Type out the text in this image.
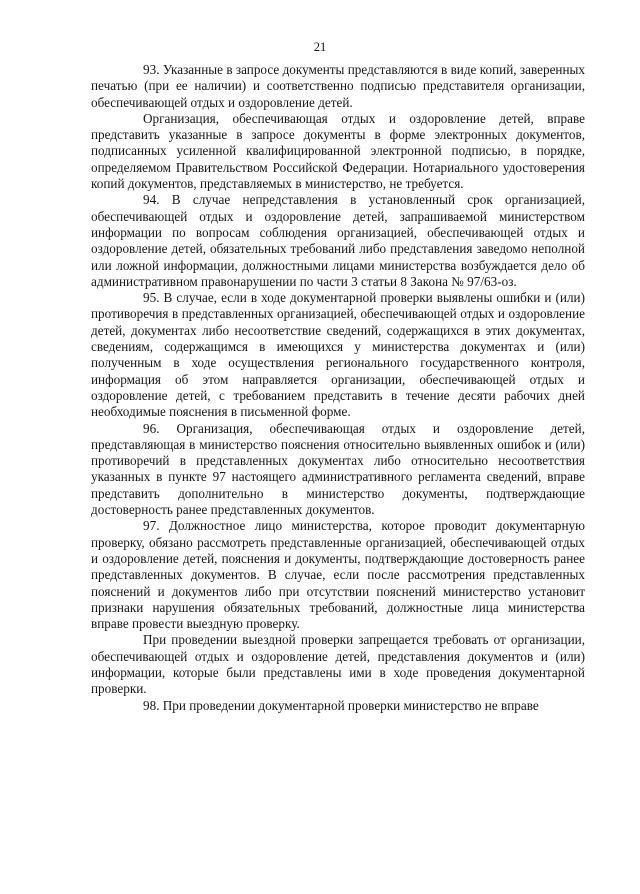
21

93. Указанные в запросе документы представляются в виде копий, заверенных печатью (при ее наличии) и соответственно подписью представителя организации, обеспечивающей отдых и оздоровление детей.

Организация, обеспечивающая отдых и оздоровление детей, вправе представить указанные в запросе документы в форме электронных документов, подписанных усиленной квалифицированной электронной подписью, в порядке, определяемом Правительством Российской Федерации. Нотариального удостоверения копий документов, представляемых в министерство, не требуется.

94. В случае непредставления в установленный срок организацией, обеспечивающей отдых и оздоровление детей, запрашиваемой министерством информации по вопросам соблюдения организацией, обеспечивающей отдых и оздоровление детей, обязательных требований либо представления заведомо неполной или ложной информации, должностными лицами министерства возбуждается дело об административном правонарушении по части 3 статьи 8 Закона № 97/63-оз.

95. В случае, если в ходе документарной проверки выявлены ошибки и (или) противоречия в представленных организацией, обеспечивающей отдых и оздоровление детей, документах либо несоответствие сведений, содержащихся в этих документах, сведениям, содержащимся в имеющихся у министерства документах и (или) полученным в ходе осуществления регионального государственного контроля, информация об этом направляется организации, обеспечивающей отдых и оздоровление детей, с требованием представить в течение десяти рабочих дней необходимые пояснения в письменной форме.

96. Организация, обеспечивающая отдых и оздоровление детей, представляющая в министерство пояснения относительно выявленных ошибок и (или) противоречий в представленных документах либо относительно несоответствия указанных в пункте 97 настоящего административного регламента сведений, вправе представить дополнительно в министерство документы, подтверждающие достоверность ранее представленных документов.

97. Должностное лицо министерства, которое проводит документарную проверку, обязано рассмотреть представленные организацией, обеспечивающей отдых и оздоровление детей, пояснения и документы, подтверждающие достоверность ранее представленных документов. В случае, если после рассмотрения представленных пояснений и документов либо при отсутствии пояснений министерство установит признаки нарушения обязательных требований, должностные лица министерства вправе провести выездную проверку.

При проведении выездной проверки запрещается требовать от организации, обеспечивающей отдых и оздоровление детей, представления документов и (или) информации, которые были представлены ими в ходе проведения документарной проверки.

98. При проведении документарной проверки министерство не вправе
